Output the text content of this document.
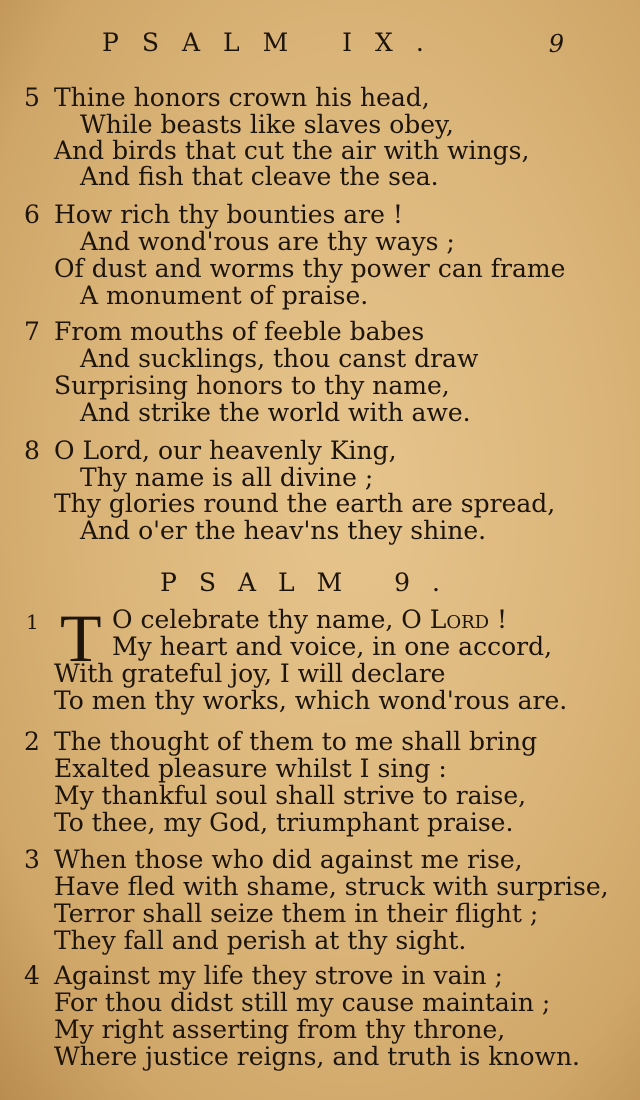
PSALM IX.	9
5 Thine honors crown his head,
While beasts like slaves obey,
And birds that cut the air with wings,
And fish that cleave the sea.
6 How rich thy bounties are !
And wond'rous are thy ways ;
Of dust and worms thy power can frame
A monument of praise.
7 From mouths of feeble babes
And sucklings, thou canst draw
Surprising honors to thy name,
And strike the world with awe.
8 O Lord, our heavenly King,
Thy name is all divine ;
Thy glories round the earth are spread,
And o'er the heav'ns they shine.
PSALM 9.
1 T O celebrate thy name, O Lord !
My heart and voice, in one accord,
With grateful joy, I will declare
To men thy works, which wond'rous are.
2 The thought of them to me shall bring
Exalted pleasure whilst I sing :
My thankful soul shall strive to raise,
To thee, my God, triumphant praise.
3 When those who did against me rise,
Have fled with shame, struck with surprise,
Terror shall seize them in their flight ;
They fall and perish at thy sight.
4 Against my life they strove in vain ;
For thou didst still my cause maintain ;
My right asserting from thy throne,
Where justice reigns, and truth is known.
